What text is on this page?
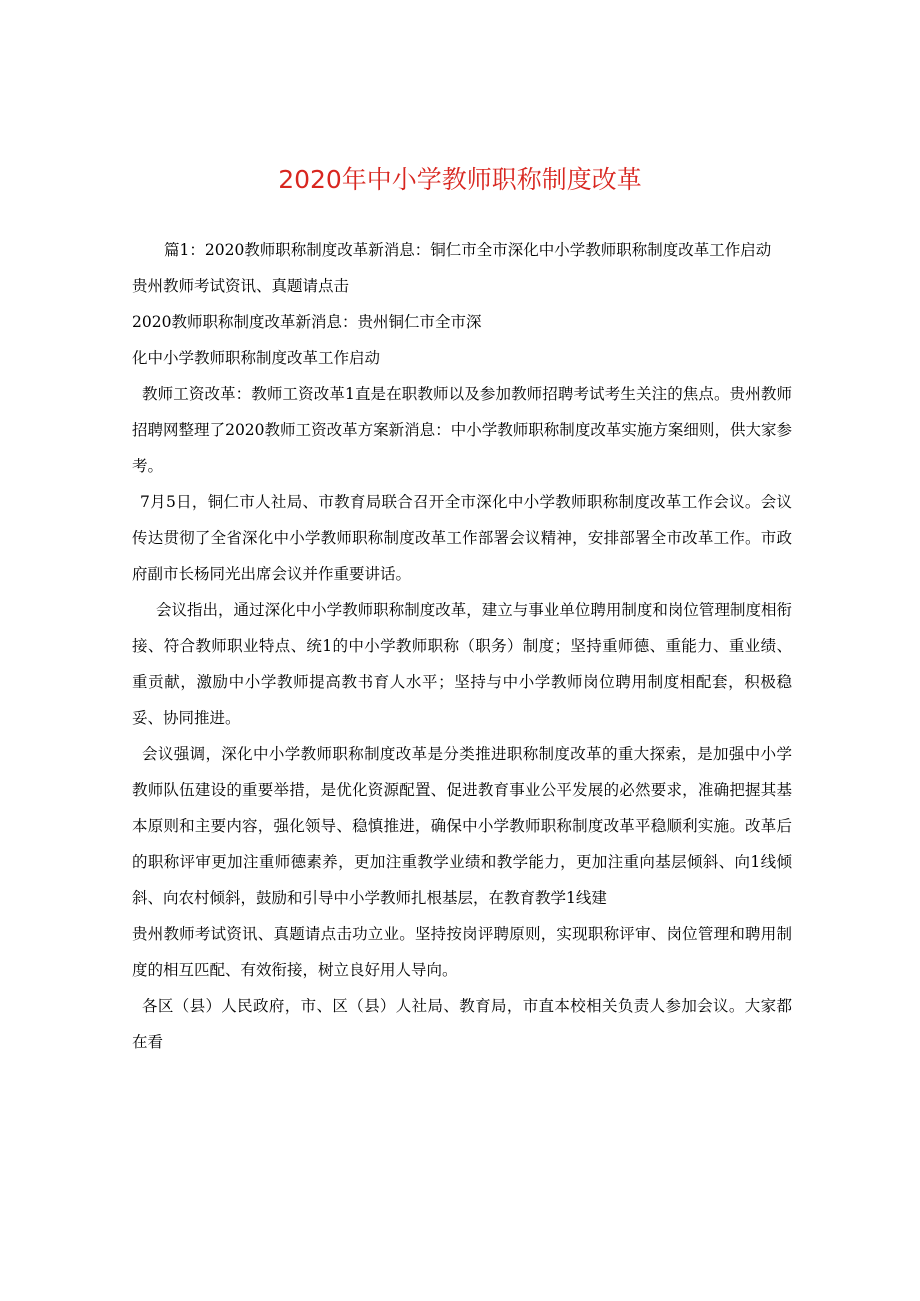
2020年中小学教师职称制度改革

篇1：2020教师职称制度改革新消息：铜仁市全市深化中小学教师职称制度改革工作启动

贵州教师考试资讯、真题请点击

2020教师职称制度改革新消息：贵州铜仁市全市深

化中小学教师职称制度改革工作启动

教师工资改革：教师工资改革1直是在职教师以及参加教师招聘考试考生关注的焦点。贵州教师招聘网整理了2020教师工资改革方案新消息：中小学教师职称制度改革实施方案细则，供大家参考。

7月5日，铜仁市人社局、市教育局联合召开全市深化中小学教师职称制度改革工作会议。会议传达贯彻了全省深化中小学教师职称制度改革工作部署会议精神，安排部署全市改革工作。市政府副市长杨同光出席会议并作重要讲话。

会议指出，通过深化中小学教师职称制度改革，建立与事业单位聘用制度和岗位管理制度相衔接、符合教师职业特点、统1的中小学教师职称（职务）制度；坚持重师德、重能力、重业绩、重贡献，激励中小学教师提高教书育人水平；坚持与中小学教师岗位聘用制度相配套，积极稳妥、协同推进。

会议强调，深化中小学教师职称制度改革是分类推进职称制度改革的重大探索，是加强中小学教师队伍建设的重要举措，是优化资源配置、促进教育事业公平发展的必然要求，准确把握其基本原则和主要内容，强化领导、稳慎推进，确保中小学教师职称制度改革平稳顺利实施。改革后的职称评审更加注重师德素养，更加注重教学业绩和教学能力，更加注重向基层倾斜、向1线倾斜、向农村倾斜，鼓励和引导中小学教师扎根基层，在教育教学1线建

贵州教师考试资讯、真题请点击功立业。坚持按岗评聘原则，实现职称评审、岗位管理和聘用制度的相互匹配、有效衔接，树立良好用人导向。

各区（县）人民政府，市、区（县）人社局、教育局，市直本校相关负责人参加会议。大家都在看
